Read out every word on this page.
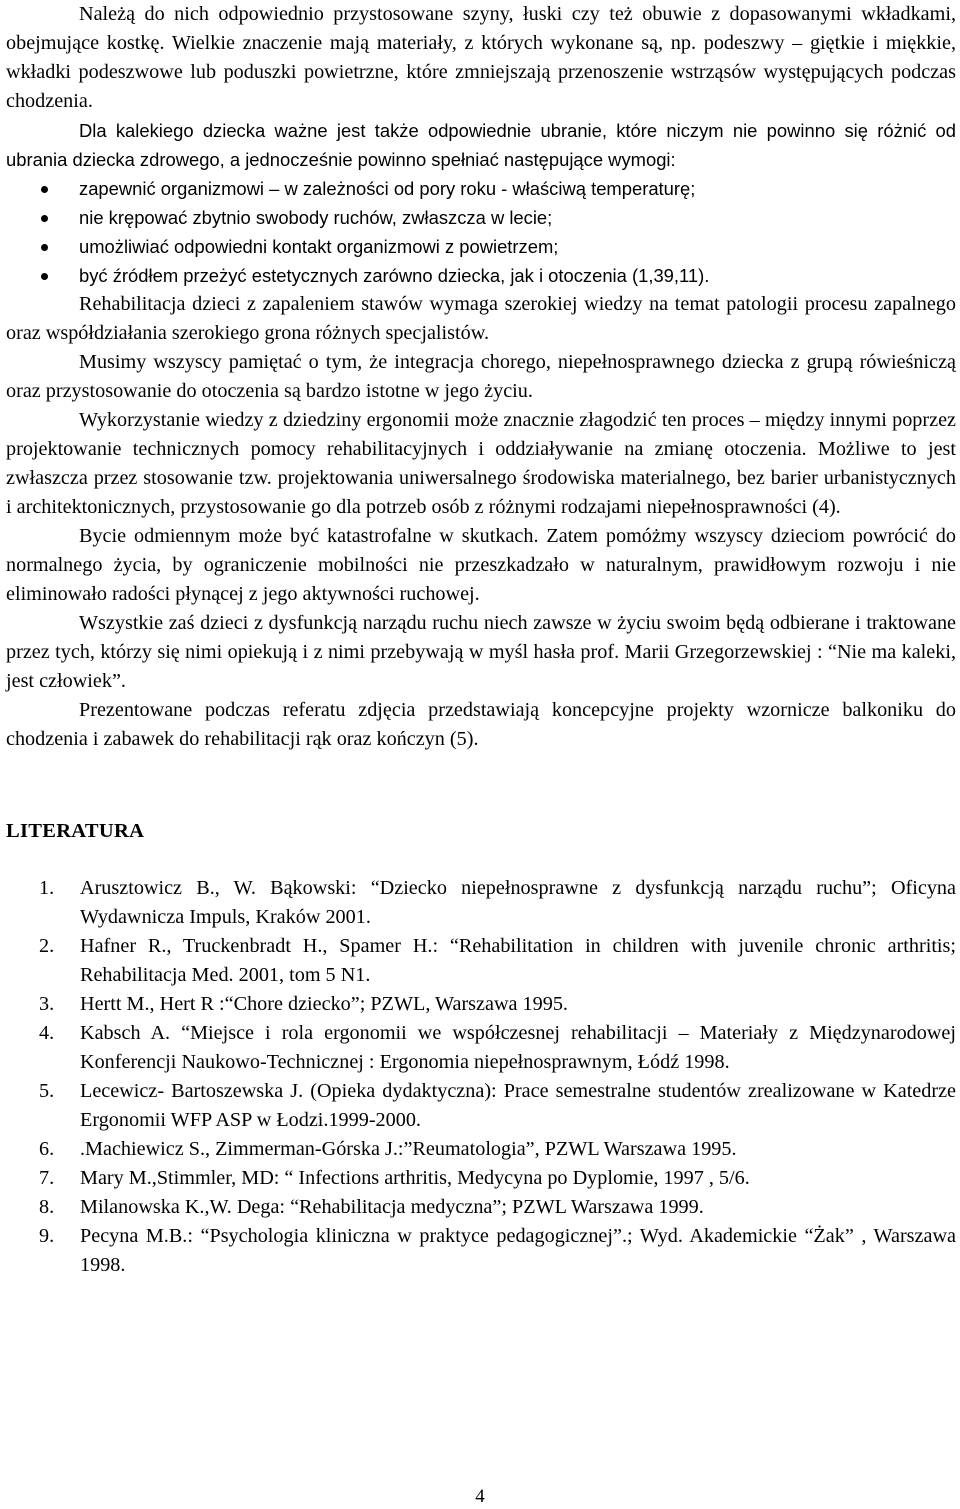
Należą do nich odpowiednio przystosowane szyny, łuski czy też obuwie z dopasowanymi wkładkami, obejmujące kostkę. Wielkie znaczenie mają materiały, z których wykonane są, np. podeszwy – giętkie i miękkie, wkładki podeszwowe lub poduszki powietrzne, które zmniejszają przenoszenie wstrząsów występujących podczas chodzenia.

Dla kalekiego dziecka ważne jest także odpowiednie ubranie, które niczym nie powinno się różnić od ubrania dziecka zdrowego, a jednocześnie powinno spełniać następujące wymogi:

zapewnić organizmowi – w zależności od pory roku - właściwą temperaturę;
nie krępować zbytnio swobody ruchów, zwłaszcza w lecie;
umożliwiać odpowiedni kontakt organizmowi z powietrzem;
być źródłem przeżyć estetycznych zarówno dziecka, jak i otoczenia (1,39,11).

Rehabilitacja dzieci z zapaleniem stawów wymaga szerokiej wiedzy na temat patologii procesu zapalnego oraz współdziałania szerokiego grona różnych specjalistów.

Musimy wszyscy pamiętać o tym, że integracja chorego, niepełnosprawnego dziecka z grupą rówieśniczą oraz przystosowanie do otoczenia są bardzo istotne w jego życiu.

Wykorzystanie wiedzy z dziedziny ergonomii może znacznie złagodzić ten proces – między innymi poprzez projektowanie technicznych pomocy rehabilitacyjnych i oddziaływanie na zmianę otoczenia. Możliwe to jest zwłaszcza przez stosowanie tzw. projektowania uniwersalnego środowiska materialnego, bez barier urbanistycznych i architektonicznych, przystosowanie go dla potrzeb osób z różnymi rodzajami niepełnosprawności (4).

Bycie odmiennym może być katastrofalne w skutkach. Zatem pomóżmy wszyscy dzieciom powrócić do normalnego życia, by ograniczenie mobilności nie przeszkadzało w naturalnym, prawidłowym rozwoju i nie eliminowało radości płynącej z jego aktywności ruchowej.

Wszystkie zaś dzieci z dysfunkcją narządu ruchu niech zawsze w życiu swoim będą odbierane i traktowane przez tych, którzy się nimi opiekują i z nimi przebywają w myśl hasła prof. Marii Grzegorzewskiej : “Nie ma kaleki, jest człowiek”.

Prezentowane podczas referatu zdjęcia przedstawiają koncepcyjne projekty wzornicze balkoniku do chodzenia i zabawek do rehabilitacji rąk oraz kończyn (5).

LITERATURA
1. Arusztowicz B., W. Bąkowski: “Dziecko niepełnosprawne z dysfunkcją narządu ruchu”; Oficyna Wydawnicza Impuls, Kraków 2001.
2. Hafner R., Truckenbradt H., Spamer H.: “Rehabilitation in children with juvenile chronic arthritis; Rehabilitacja Med. 2001, tom 5 N1.
3. Hertt M., Hert R :“Chore dziecko”; PZWL, Warszawa 1995.
4. Kabsch A. “Miejsce i rola ergonomii we współczesnej rehabilitacji – Materiały z Międzynarodowej Konferencji Naukowo-Technicznej : Ergonomia niepełnosprawnym, Łódź 1998.
5. Lecewicz- Bartoszewska J. (Opieka dydaktyczna): Prace semestralne studentów zrealizowane w Katedrze Ergonomii WFP ASP w Łodzi.1999-2000.
6. .Machiewicz S., Zimmerman-Górska J.:”Reumatologia”, PZWL Warszawa 1995.
7. Mary M.,Stimmler, MD: “ Infections arthritis, Medycyna po Dyplomie, 1997 , 5/6.
8. Milanowska K.,W. Dega: “Rehabilitacja medyczna”; PZWL Warszawa 1999.
9. Pecyna M.B.: “Psychologia kliniczna w praktyce pedagogicznej”.; Wyd. Akademickie “Żak” , Warszawa 1998.
4
